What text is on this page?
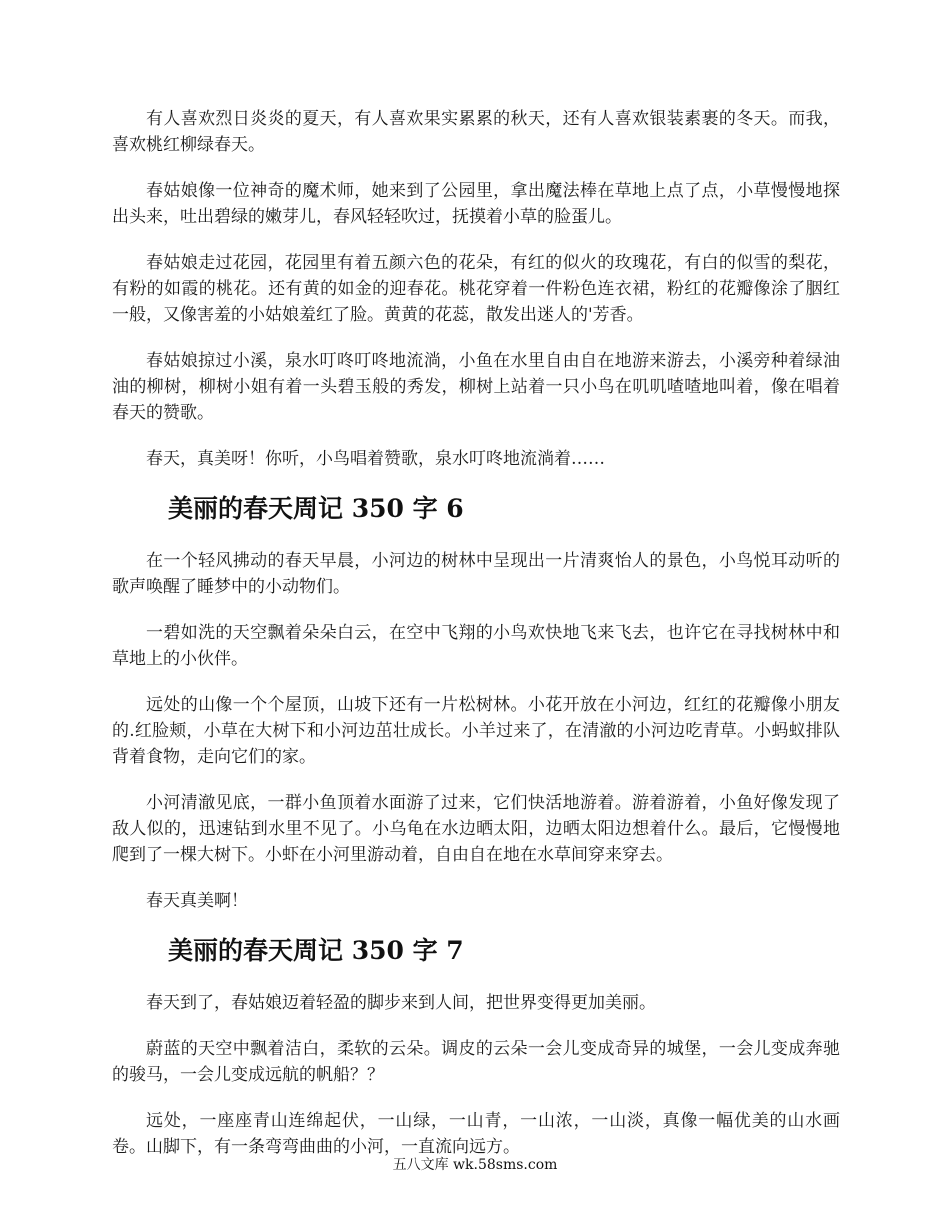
有人喜欢烈日炎炎的夏天，有人喜欢果实累累的秋天，还有人喜欢银装素裹的冬天。而我，喜欢桃红柳绿春天。

春姑娘像一位神奇的魔术师，她来到了公园里，拿出魔法棒在草地上点了点，小草慢慢地探出头来，吐出碧绿的嫩芽儿，春风轻轻吹过，抚摸着小草的脸蛋儿。

春姑娘走过花园，花园里有着五颜六色的花朵，有红的似火的玫瑰花，有白的似雪的梨花，有粉的如霞的桃花。还有黄的如金的迎春花。桃花穿着一件粉色连衣裙，粉红的花瓣像涂了胭红一般，又像害羞的小姑娘羞红了脸。黄黄的花蕊，散发出迷人的'芳香。

春姑娘掠过小溪，泉水叮咚叮咚地流淌，小鱼在水里自由自在地游来游去，小溪旁种着绿油油的柳树，柳树小姐有着一头碧玉般的秀发，柳树上站着一只小鸟在叽叽喳喳地叫着，像在唱着春天的赞歌。

春天，真美呀！你听，小鸟唱着赞歌，泉水叮咚地流淌着……

美丽的春天周记 350 字 6

在一个轻风拂动的春天早晨，小河边的树林中呈现出一片清爽怡人的景色，小鸟悦耳动听的歌声唤醒了睡梦中的小动物们。

一碧如洗的天空飘着朵朵白云，在空中飞翔的小鸟欢快地飞来飞去，也许它在寻找树林中和草地上的小伙伴。

远处的山像一个个屋顶，山坡下还有一片松树林。小花开放在小河边，红红的花瓣像小朋友的.红脸颊，小草在大树下和小河边茁壮成长。小羊过来了，在清澈的小河边吃青草。小蚂蚁排队背着食物，走向它们的家。

小河清澈见底，一群小鱼顶着水面游了过来，它们快活地游着。游着游着，小鱼好像发现了敌人似的，迅速钻到水里不见了。小乌龟在水边晒太阳，边晒太阳边想着什么。最后，它慢慢地爬到了一棵大树下。小虾在小河里游动着，自由自在地在水草间穿来穿去。

春天真美啊！

美丽的春天周记 350 字 7

春天到了，春姑娘迈着轻盈的脚步来到人间，把世界变得更加美丽。

蔚蓝的天空中飘着洁白，柔软的云朵。调皮的云朵一会儿变成奇异的城堡，一会儿变成奔驰的骏马，一会儿变成远航的帆船？？

远处，一座座青山连绵起伏，一山绿，一山青，一山浓，一山淡，真像一幅优美的山水画卷。山脚下，有一条弯弯曲曲的小河，一直流向远方。

五八文库 wk.58sms.com
